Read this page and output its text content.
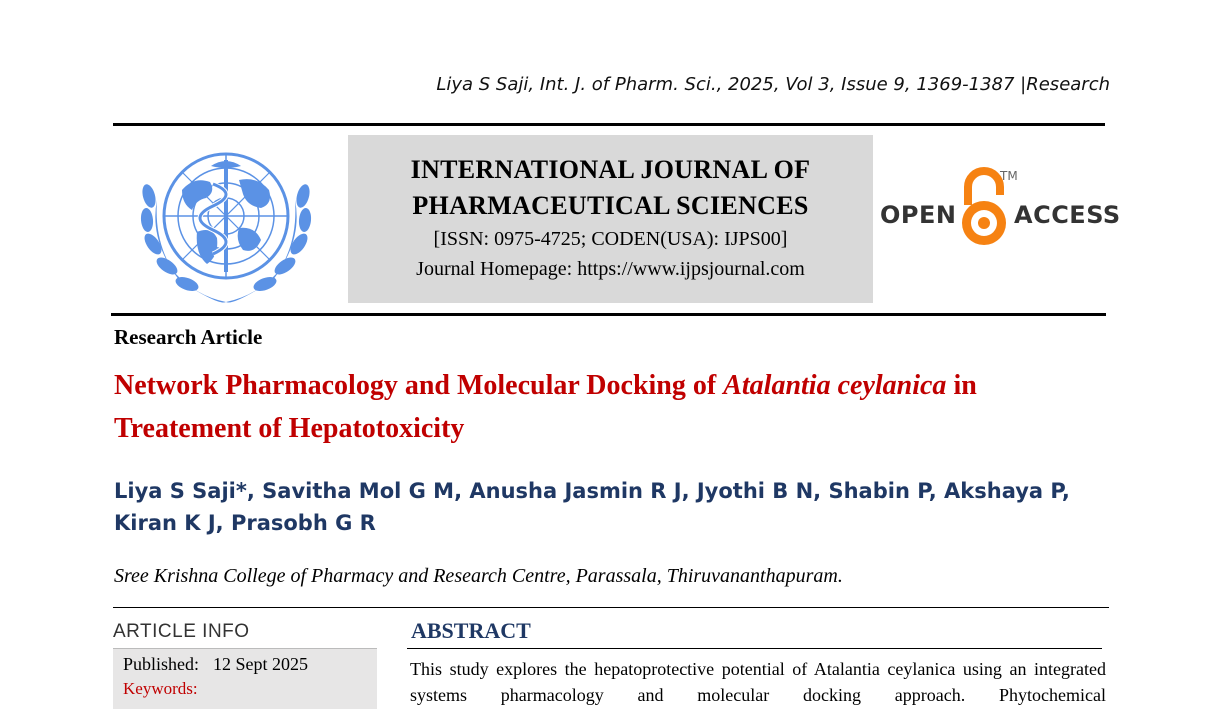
Liya S Saji, Int. J. of Pharm. Sci., 2025, Vol 3, Issue 9, 1369-1387 |Research
INTERNATIONAL JOURNAL OF
PHARMACEUTICAL SCIENCES
[ISSN: 0975-4725; CODEN(USA): IJPS00]
Journal Homepage: https://www.ijpsjournal.com
OPEN
TM
ACCESS
Research Article
Network Pharmacology and Molecular Docking of Atalantia ceylanica in Treatement of Hepatotoxicity
Liya S Saji*, Savitha Mol G M, Anusha Jasmin R J, Jyothi B N, Shabin P, Akshaya P,
Kiran K J, Prasobh G R
Sree Krishna College of Pharmacy and Research Centre, Parassala, Thiruvananthapuram.
ARTICLE INFO
Published: 12 Sept 2025
Keywords:
ABSTRACT
This study explores the hepatoprotective potential of Atalantia ceylanica using an integrated systems pharmacology and molecular docking approach. Phytochemical
